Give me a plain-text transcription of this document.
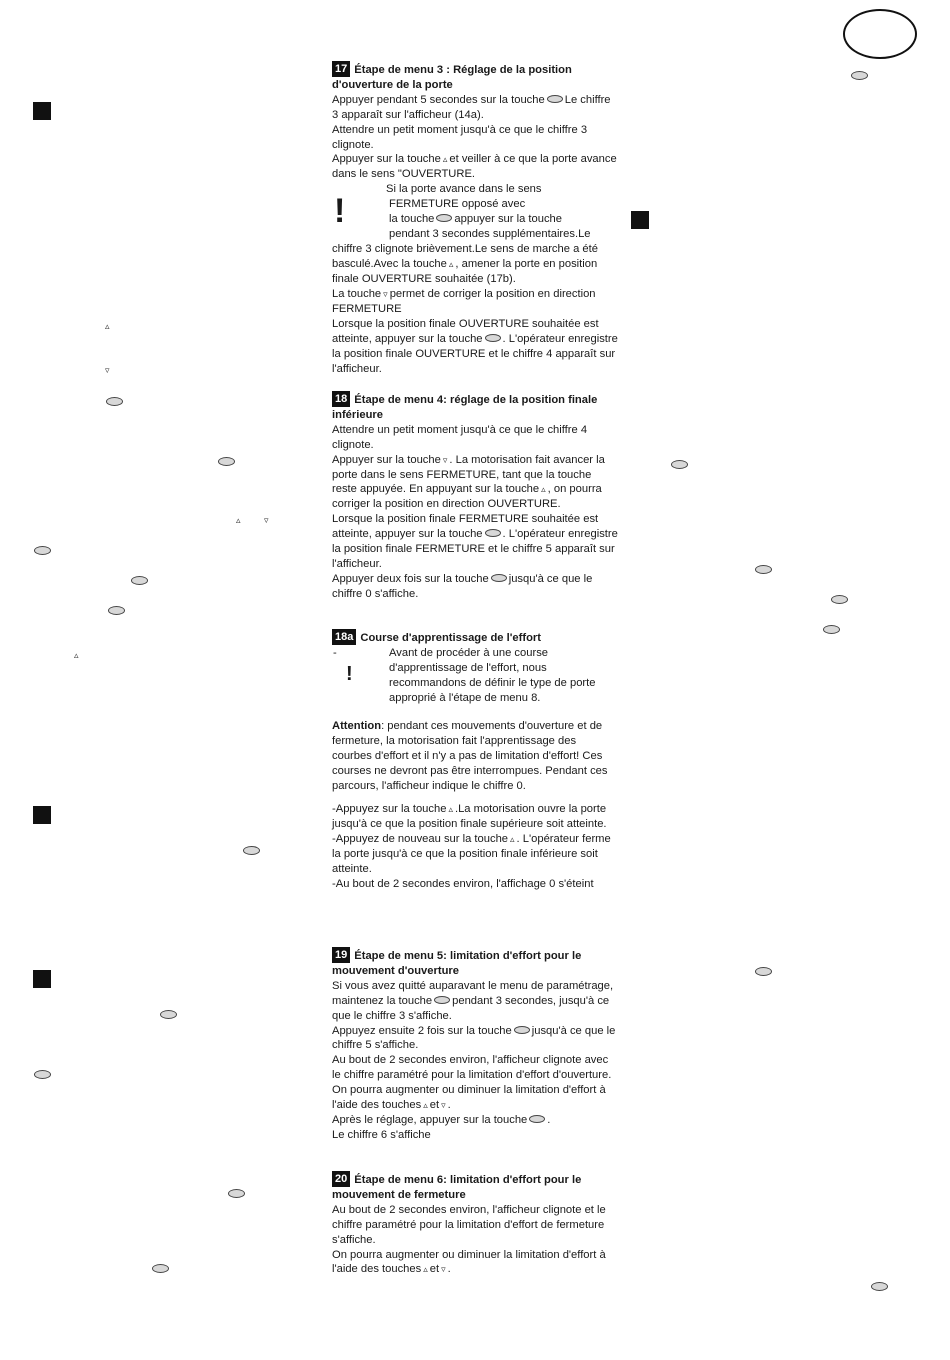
▵
▿
▵	▿
▵

17 Étape de menu 3 : Réglage de la position d'ouverture de la porte

Appuyer pendant 5 secondes sur la touche Le chiffre 3 apparaît sur l'afficheur (14a).

Attendre un petit moment jusqu'à ce que le chiffre 3 clignote.

Appuyer sur la touche ▵ et veiller à ce que la porte avance dans le sens "OUVERTURE.

!
Si la porte avance dans le sens
FERMETURE opposé avec
la touche appuyer sur la touche
pendant 3 secondes supplémentaires.Le

chiffre 3 clignote brièvement.Le sens de marche a été basculé.Avec la touche ▵ , amener la porte en position finale OUVERTURE souhaitée (17b).

La touche ▿ permet de corriger la position en direction FERMETURE

Lorsque la position finale OUVERTURE souhaitée est atteinte, appuyer sur la touche . L'opérateur enregistre la position finale OUVERTURE et le chiffre 4 apparaît sur l'afficheur.

18 Étape de menu 4: réglage de la position finale inférieure

Attendre un petit moment jusqu'à ce que le chiffre 4 clignote.

Appuyer sur la touche ▿ . La motorisation fait avancer la porte dans le sens FERMETURE, tant que la touche reste appuyée. En appuyant sur la touche ▵ , on pourra corriger la position en direction OUVERTURE.

Lorsque la position finale FERMETURE souhaitée est atteinte, appuyer sur la touche . L'opérateur enregistre la position finale FERMETURE et le chiffre 5 apparaît sur l'afficheur.

Appuyer deux fois sur la touche jusqu'à ce que le chiffre 0 s'affiche.

18a Course d'apprentissage de l'effort

-
!
Avant de procéder à une course d'apprentissage de l'effort, nous recommandons de définir le type de porte approprié à l'étape de menu 8.

Attention: pendant ces mouvements d'ouverture et de fermeture, la motorisation fait l'apprentissage des courbes d'effort et il n'y a pas de limitation d'effort! Ces courses ne devront pas être interrompues. Pendant ces parcours, l'afficheur indique le chiffre 0.

-Appuyez sur la touche ▵ .La motorisation ouvre la porte jusqu'à ce que la position finale supérieure soit atteinte.

-Appuyez de nouveau sur la touche ▵ . L'opérateur ferme la porte jusqu'à ce que la position finale inférieure soit atteinte.

-Au bout de 2 secondes environ, l'affichage 0 s'éteint

19 Étape de menu 5: limitation d'effort pour le mouvement d'ouverture

Si vous avez quitté auparavant le menu de paramétrage, maintenez la touche pendant 3 secondes, jusqu'à ce que le chiffre 3 s'affiche.

Appuyez ensuite 2 fois sur la touche jusqu'à ce que le chiffre 5 s'affiche.

Au bout de 2 secondes environ, l'afficheur clignote avec le chiffre paramétré pour la limitation d'effort d'ouverture.

On pourra augmenter ou diminuer la limitation d'effort à l'aide des touches ▵ et ▿ .

Après le réglage, appuyer sur la touche .

Le chiffre 6 s'affiche

20 Étape de menu 6: limitation d'effort pour le mouvement de fermeture

Au bout de 2 secondes environ, l'afficheur clignote et le chiffre paramétré pour la limitation d'effort de fermeture s'affiche.

On pourra augmenter ou diminuer la limitation d'effort à l'aide des touches ▵ et ▿ .
